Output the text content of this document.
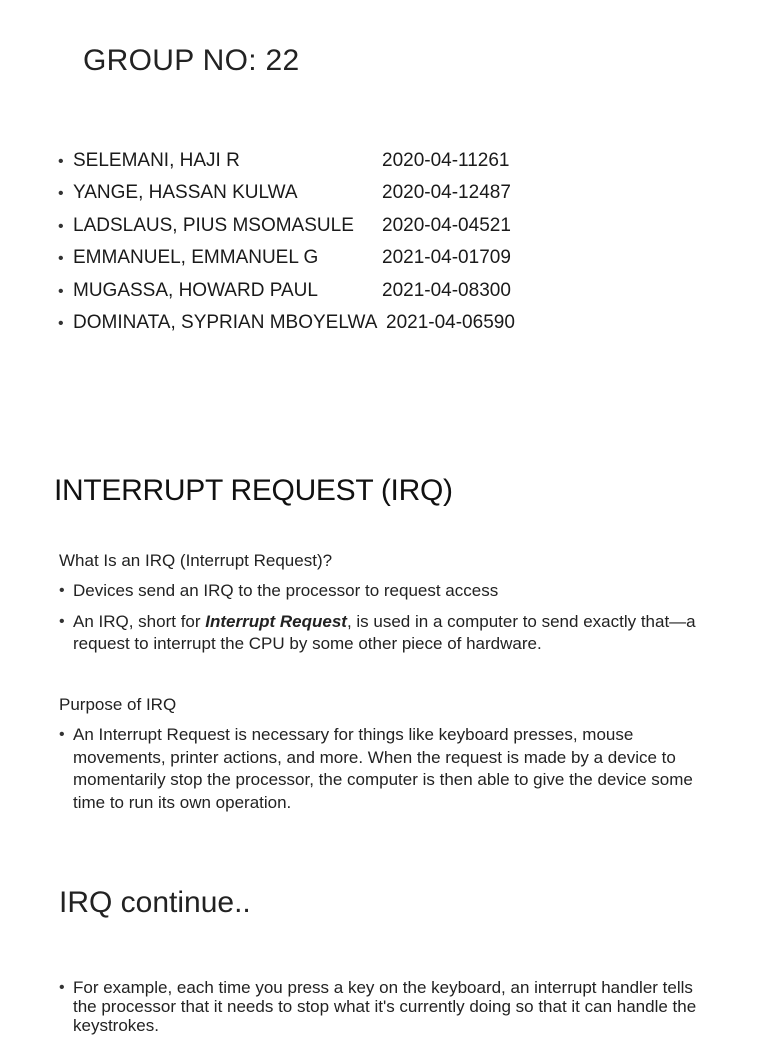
GROUP NO: 22
• SELEMANI, HAJI R	2020-04-11261
• YANGE, HASSAN KULWA	2020-04-12487
• LADSLAUS, PIUS MSOMASULE 2020-04-04521
• EMMANUEL, EMMANUEL G	2021-04-01709
• MUGASSA, HOWARD PAUL	2021-04-08300
• DOMINATA, SYPRIAN MBOYELWA 2021-04-06590
INTERRUPT REQUEST (IRQ)

What Is an IRQ (Interrupt Request)?

• Devices send an IRQ to the processor to request access
• An IRQ, short for Interrupt Request, is used in a computer to send exactly that—a request to interrupt the CPU by some other piece of hardware.

Purpose of IRQ

• An Interrupt Request is necessary for things like keyboard presses, mouse movements, printer actions, and more. When the request is made by a device to momentarily stop the processor, the computer is then able to give the device some time to run its own operation.
IRQ continue..
• For example, each time you press a key on the keyboard, an interrupt handler tells the processor that it needs to stop what it's currently doing so that it can handle the keystrokes.
